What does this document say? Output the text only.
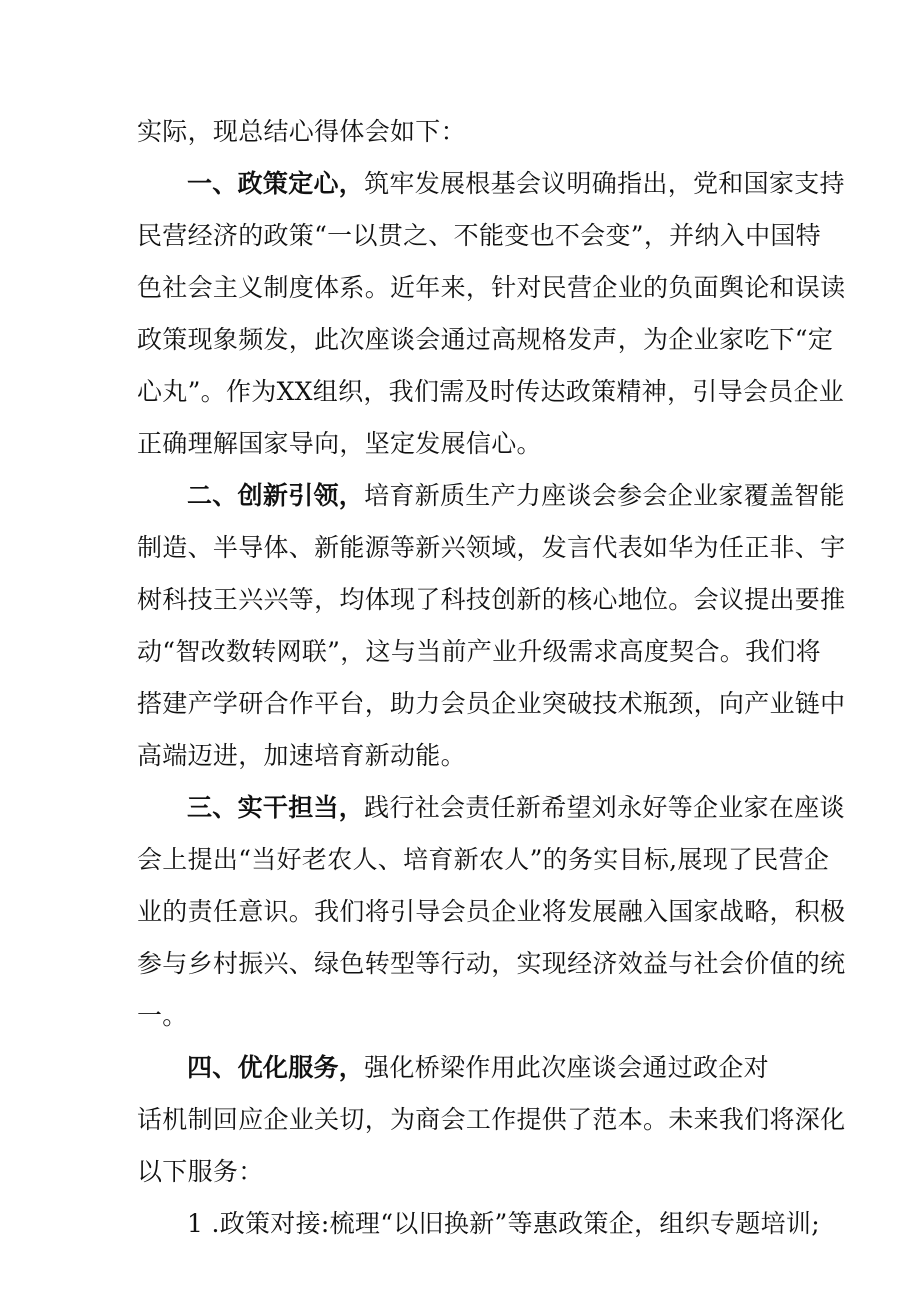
实际，现总结心得体会如下：
一、政策定心，筑牢发展根基会议明确指出，党和国家支持
民营经济的政策“一以贯之、不能变也不会变”，并纳入中国特
色社会主义制度体系。近年来，针对民营企业的负面舆论和误读
政策现象频发，此次座谈会通过高规格发声，为企业家吃下“定
心丸”。作为XX组织，我们需及时传达政策精神，引导会员企业
正确理解国家导向，坚定发展信心。
二、创新引领，培育新质生产力座谈会参会企业家覆盖智能
制造、半导体、新能源等新兴领域，发言代表如华为任正非、宇
树科技王兴兴等，均体现了科技创新的核心地位。会议提出要推
动“智改数转网联”，这与当前产业升级需求高度契合。我们将
搭建产学研合作平台，助力会员企业突破技术瓶颈，向产业链中
高端迈进，加速培育新动能。
三、实干担当，践行社会责任新希望刘永好等企业家在座谈
会上提出“当好老农人、培育新农人”的务实目标,展现了民营企
业的责任意识。我们将引导会员企业将发展融入国家战略，积极
参与乡村振兴、绿色转型等行动，实现经济效益与社会价值的统
一。
四、优化服务，强化桥梁作用此次座谈会通过政企对
话机制回应企业关切，为商会工作提供了范本。未来我们将深化
以下服务：
1 .政策对接:梳理“以旧换新”等惠政策企，组织专题培训;
